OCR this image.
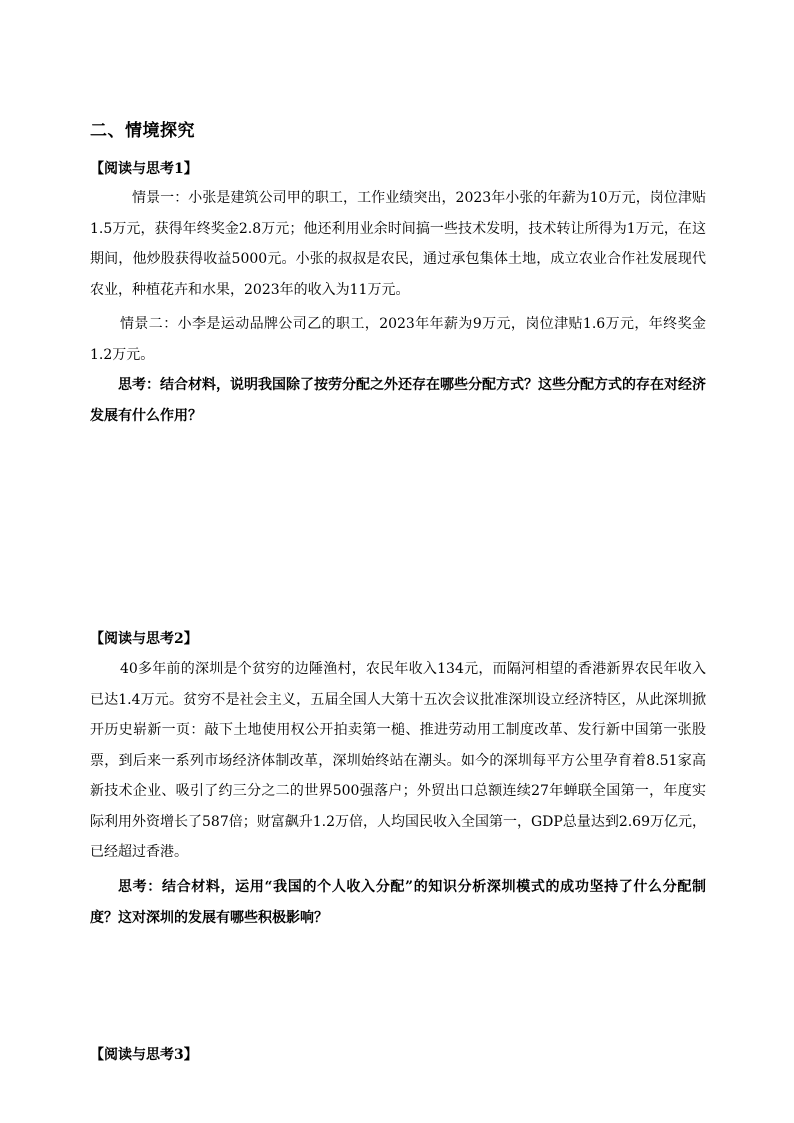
二、情境探究
【阅读与思考1】

情景一：小张是建筑公司甲的职工，工作业绩突出，2023年小张的年薪为10万元，岗位津贴1.5万元，获得年终奖金2.8万元；他还利用业余时间搞一些技术发明，技术转让所得为1万元，在这期间，他炒股获得收益5000元。小张的叔叔是农民，通过承包集体土地，成立农业合作社发展现代农业，种植花卉和水果，2023年的收入为11万元。

情景二：小李是运动品牌公司乙的职工，2023年年薪为9万元，岗位津贴1.6万元，年终奖金1.2万元。

思考：结合材料，说明我国除了按劳分配之外还存在哪些分配方式？这些分配方式的存在对经济发展有什么作用？

【阅读与思考2】

40多年前的深圳是个贫穷的边陲渔村，农民年收入134元，而隔河相望的香港新界农民年收入已达1.4万元。贫穷不是社会主义，五届全国人大第十五次会议批准深圳设立经济特区，从此深圳掀开历史崭新一页：敲下土地使用权公开拍卖第一槌、推进劳动用工制度改革、发行新中国第一张股票，到后来一系列市场经济体制改革，深圳始终站在潮头。如今的深圳每平方公里孕育着8.51家高新技术企业、吸引了约三分之二的世界500强落户；外贸出口总额连续27年蝉联全国第一，年度实际利用外资增长了587倍；财富飙升1.2万倍，人均国民收入全国第一，GDP总量达到2.69万亿元，已经超过香港。

思考：结合材料，运用“我国的个人收入分配”的知识分析深圳模式的成功坚持了什么分配制度？这对深圳的发展有哪些积极影响？

【阅读与思考3】
